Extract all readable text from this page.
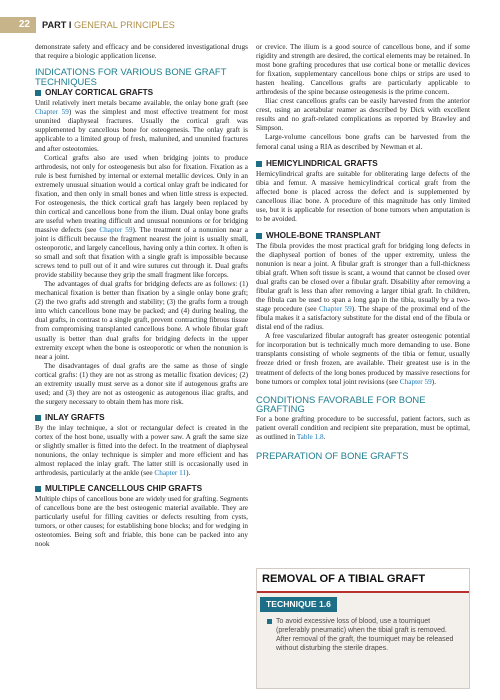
22	PART I GENERAL PRINCIPLES

demonstrate safety and efficacy and be considered investigational drugs that require a biologic application license.

INDICATIONS FOR VARIOUS BONE GRAFT TECHNIQUES
ONLAY CORTICAL GRAFTS

Until relatively inert metals became available, the onlay bone graft (see Chapter 59) was the simplest and most effective treatment for most ununited diaphyseal fractures. Usually the cortical graft was supplemented by cancellous bone for osteogenesis. The onlay graft is applicable to a limited group of fresh, malunited, and ununited fractures and after osteotomies.

Cortical grafts also are used when bridging joints to produce arthrodesis, not only for osteogenesis but also for fixation. Fixation as a rule is best furnished by internal or external metallic devices. Only in an extremely unusual situation would a cortical onlay graft be indicated for fixation, and then only in small bones and when little stress is expected. For osteogenesis, the thick cortical graft has largely been replaced by thin cortical and cancellous bone from the ilium. Dual onlay bone grafts are useful when treating difficult and unusual nonunions or for bridging massive defects (see Chapter 59). The treatment of a nonunion near a joint is difficult because the fragment nearest the joint is usually small, osteoporotic, and largely cancellous, having only a thin cortex. It often is so small and soft that fixation with a single graft is impossible because screws tend to pull out of it and wire sutures cut through it. Dual grafts provide stability because they grip the small fragment like forceps.

The advantages of dual grafts for bridging defects are as follows: (1) mechanical fixation is better than fixation by a single onlay bone graft; (2) the two grafts add strength and stability; (3) the grafts form a trough into which cancellous bone may be packed; and (4) during healing, the dual grafts, in contrast to a single graft, prevent contracting fibrous tissue from compromising transplanted cancellous bone. A whole fibular graft usually is better than dual grafts for bridging defects in the upper extremity except when the bone is osteoporotic or when the nonunion is near a joint.

The disadvantages of dual grafts are the same as those of single cortical grafts: (1) they are not as strong as metallic fixation devices; (2) an extremity usually must serve as a donor site if autogenous grafts are used; and (3) they are not as osteogenic as autogenous iliac grafts, and the surgery necessary to obtain them has more risk.

INLAY GRAFTS

By the inlay technique, a slot or rectangular defect is created in the cortex of the host bone, usually with a power saw. A graft the same size or slightly smaller is fitted into the defect. In the treatment of diaphyseal nonunions, the onlay technique is simpler and more efficient and has almost replaced the inlay graft. The latter still is occasionally used in arthrodesis, particularly at the ankle (see Chapter 11).

MULTIPLE CANCELLOUS CHIP GRAFTS

Multiple chips of cancellous bone are widely used for grafting. Segments of cancellous bone are the best osteogenic material available. They are particularly useful for filling cavities or defects resulting from cysts, tumors, or other causes; for establishing bone blocks; and for wedging in osteotomies. Being soft and friable, this bone can be packed into any nook

or crevice. The ilium is a good source of cancellous bone, and if some rigidity and strength are desired, the cortical elements may be retained. In most bone grafting procedures that use cortical bone or metallic devices for fixation, supplementary cancellous bone chips or strips are used to hasten healing. Cancellous grafts are particularly applicable to arthrodesis of the spine because osteogenesis is the prime concern.

Iliac crest cancellous grafts can be easily harvested from the anterior crest, using an acetabular reamer as described by Dick with excellent results and no graft-related complications as reported by Brawley and Simpson.

Large-volume cancellous bone grafts can be harvested from the femoral canal using a RIA as described by Newman et al.

HEMICYLINDRICAL GRAFTS

Hemicylindrical grafts are suitable for obliterating large defects of the tibia and femur. A massive hemicylindrical cortical graft from the affected bone is placed across the defect and is supplemented by cancellous iliac bone. A procedure of this magnitude has only limited use, but it is applicable for resection of bone tumors when amputation is to be avoided.

WHOLE-BONE TRANSPLANT

The fibula provides the most practical graft for bridging long defects in the diaphyseal portion of bones of the upper extremity, unless the nonunion is near a joint. A fibular graft is stronger than a full-thickness tibial graft. When soft tissue is scant, a wound that cannot be closed over dual grafts can be closed over a fibular graft. Disability after removing a fibular graft is less than after removing a larger tibial graft. In children, the fibula can be used to span a long gap in the tibia, usually by a two-stage procedure (see Chapter 59). The shape of the proximal end of the fibula makes it a satisfactory substitute for the distal end of the fibula or distal end of the radius.

A free vascularized fibular autograft has greater osteogenic potential for incorporation but is technically much more demanding to use. Bone transplants consisting of whole segments of the tibia or femur, usually freeze dried or fresh frozen, are available. Their greatest use is in the treatment of defects of the long bones produced by massive resections for bone tumors or complex total joint revisions (see Chapter 59).

CONDITIONS FAVORABLE FOR BONE GRAFTING

For a bone grafting procedure to be successful, patient factors, such as patient overall condition and recipient site preparation, must be optimal, as outlined in Table 1.8.

PREPARATION OF BONE GRAFTS
REMOVAL OF A TIBIAL GRAFT
TECHNIQUE 1.6
To avoid excessive loss of blood, use a tourniquet (preferably pneumatic) when the tibial graft is removed. After removal of the graft, the tourniquet may be released without disturbing the sterile drapes.
